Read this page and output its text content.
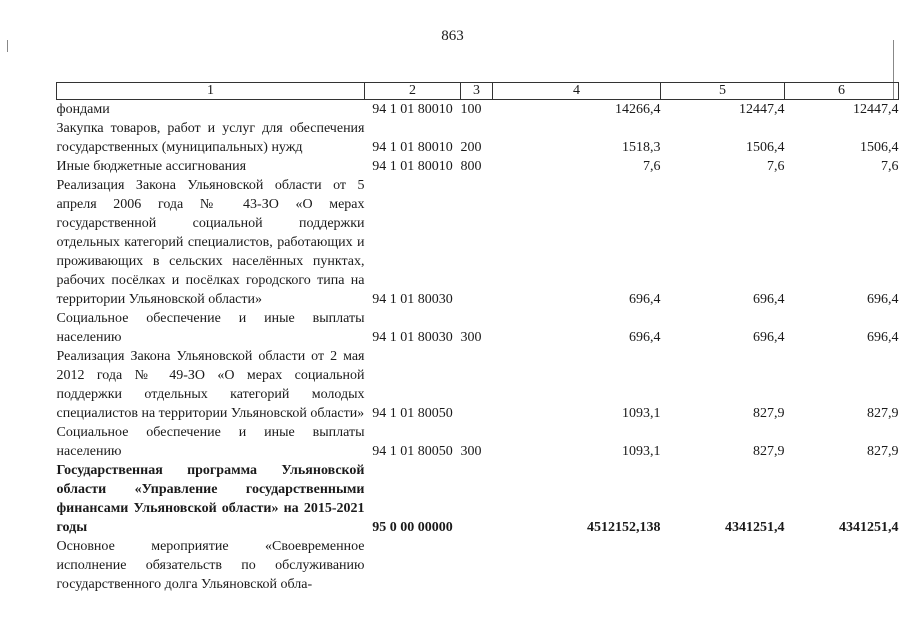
863
1	2	3	4	5	6
фондами	94 1 01 80010	100	14266,4	12447,4	12447,4
Закупка товаров, работ и услуг для обеспечения государственных (муниципальных) нужд	94 1 01 80010	200	1518,3	1506,4	1506,4
Иные бюджетные ассигнования	94 1 01 80010	800	7,6	7,6	7,6
Реализация Закона Ульяновской области от 5 апреля 2006 года № 43-ЗО «О мерах государственной социальной поддержки отдельных категорий специалистов, работающих и проживающих в сельских населённых пунктах, рабочих посёлках и посёлках городского типа на территории Ульяновской области»	94 1 01 80030		696,4	696,4	696,4
Социальное обеспечение и иные выплаты населению	94 1 01 80030	300	696,4	696,4	696,4
Реализация Закона Ульяновской области от 2 мая 2012 года № 49-ЗО «О мерах социальной поддержки отдельных категорий молодых специалистов на территории Ульяновской области»	94 1 01 80050		1093,1	827,9	827,9
Социальное обеспечение и иные выплаты населению	94 1 01 80050	300	1093,1	827,9	827,9
Государственная программа Ульяновской области «Управление государственными финансами Ульяновской области» на 2015-2021 годы	95 0 00 00000		4512152,138	4341251,4	4341251,4
Основное мероприятие «Своевременное исполнение обязательств по обслуживанию государственного долга Ульяновской обла-					
